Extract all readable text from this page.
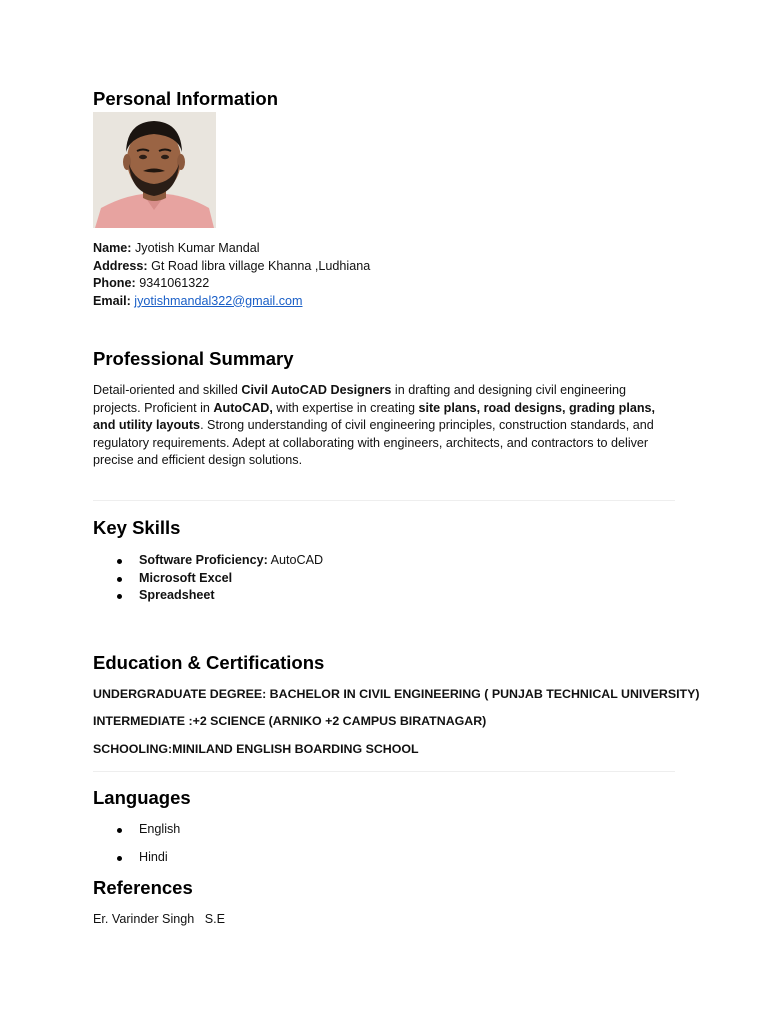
Personal Information
Name: Jyotish Kumar Mandal
Address: Gt Road libra village Khanna ,Ludhiana
Phone: 9341061322
Email: jyotishmandal322@gmail.com
Professional Summary
Detail-oriented and skilled Civil AutoCAD Designers in drafting and designing civil engineering projects. Proficient in AutoCAD, with expertise in creating site plans, road designs, grading plans, and utility layouts. Strong understanding of civil engineering principles, construction standards, and regulatory requirements. Adept at collaborating with engineers, architects, and contractors to deliver precise and efficient design solutions.
Key Skills
Software Proficiency: AutoCAD
Microsoft Excel
Spreadsheet
Education & Certifications
UNDERGRADUATE DEGREE: BACHELOR IN CIVIL ENGINEERING ( PUNJAB TECHNICAL UNIVERSITY)
INTERMEDIATE :+2 SCIENCE (ARNIKO +2 CAMPUS BIRATNAGAR)
SCHOOLING:MINILAND ENGLISH BOARDING SCHOOL
Languages
English
Hindi
References
Er. Varinder Singh   S.E
